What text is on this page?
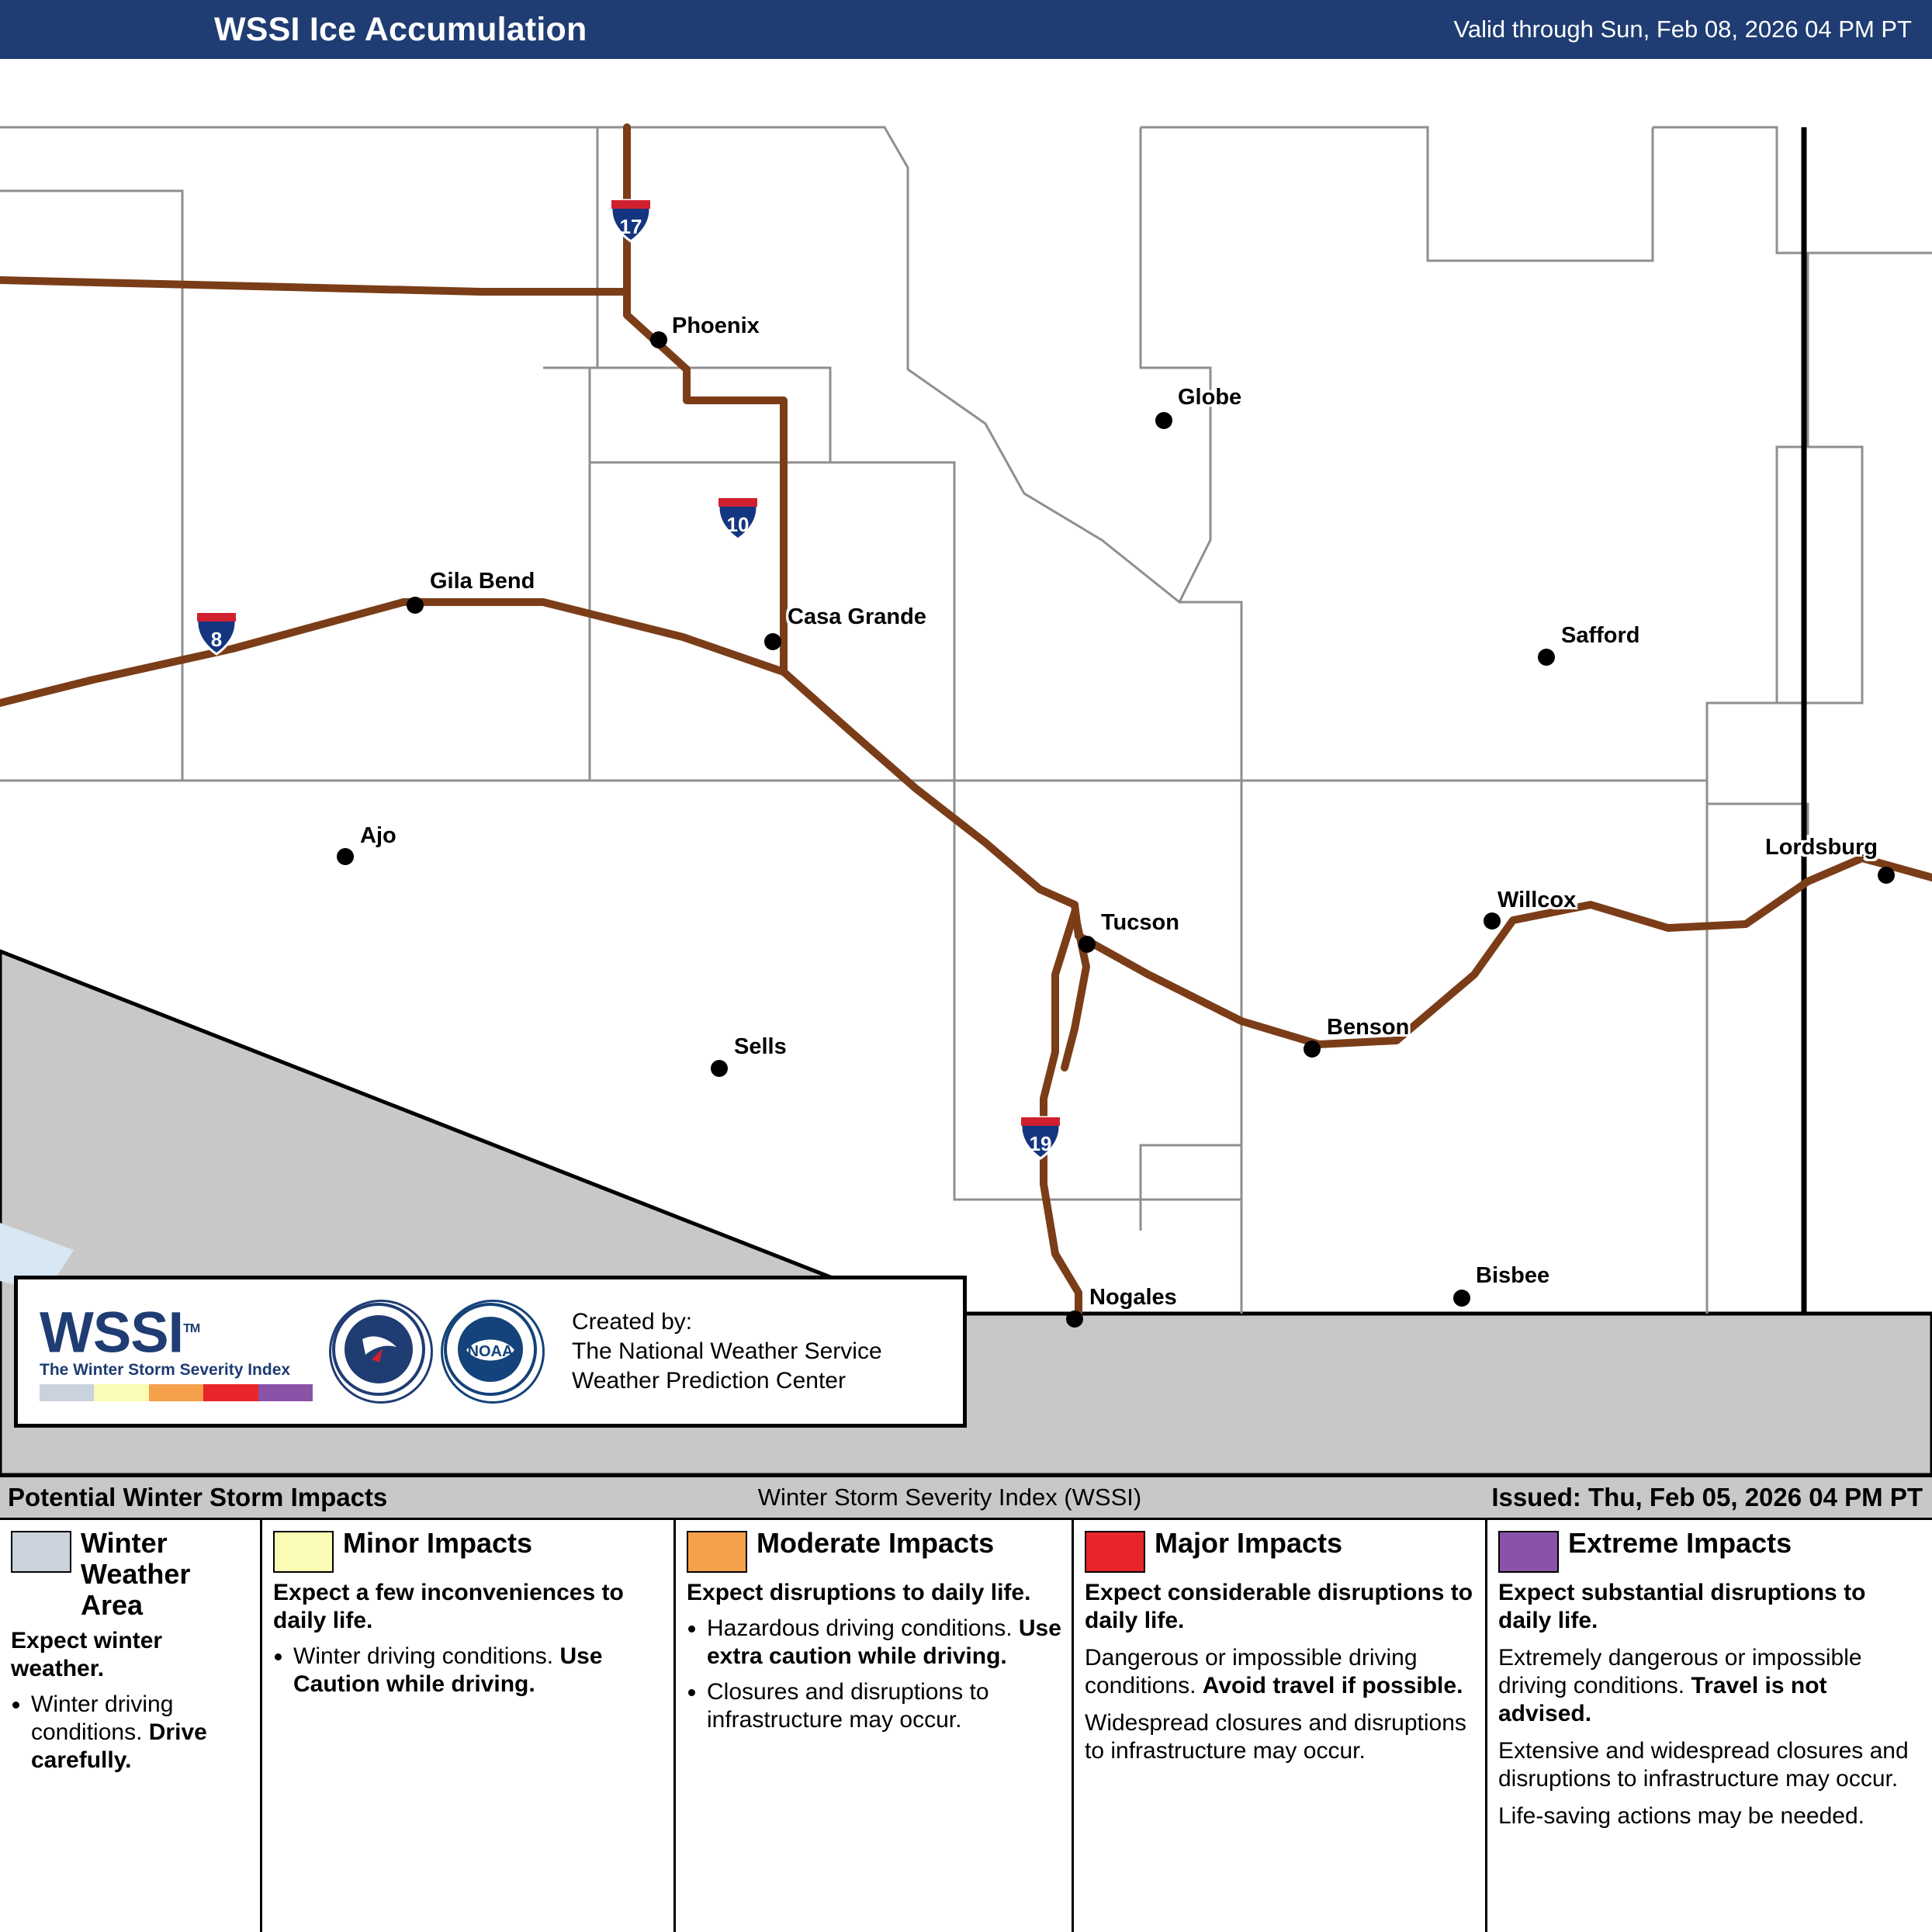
WSSI Ice Accumulation	Valid through Sun, Feb 08, 2026 04 PM PT
Phoenix
Globe
Gila Bend
Casa Grande
Safford
Ajo	Lordsburg
Willcox
Tucson
Benson
Sells
Bisbee
Nogales
17
10
8
19
WSSI™
The Winter Storm Severity Index
NOAA
Created by:
The National Weather Service
Weather Prediction Center
Potential Winter Storm Impacts	Winter Storm Severity Index (WSSI)	Issued: Thu, Feb 05, 2026 04 PM PT
Winter Weather Area
Expect winter weather.
• Winter driving conditions. Drive carefully.
Minor Impacts
Expect a few inconveniences to daily life.
• Winter driving conditions. Use Caution while driving.
Moderate Impacts
Expect disruptions to daily life.
• Hazardous driving conditions. Use extra caution while driving.
• Closures and disruptions to infrastructure may occur.
Major Impacts
Expect considerable disruptions to daily life.

Dangerous or impossible driving conditions. Avoid travel if possible.

Widespread closures and disruptions to infrastructure may occur.

Extreme Impacts
Expect substantial disruptions to daily life.

Extremely dangerous or impossible driving conditions. Travel is not advised.

Extensive and widespread closures and disruptions to infrastructure may occur.

Life-saving actions may be needed.
